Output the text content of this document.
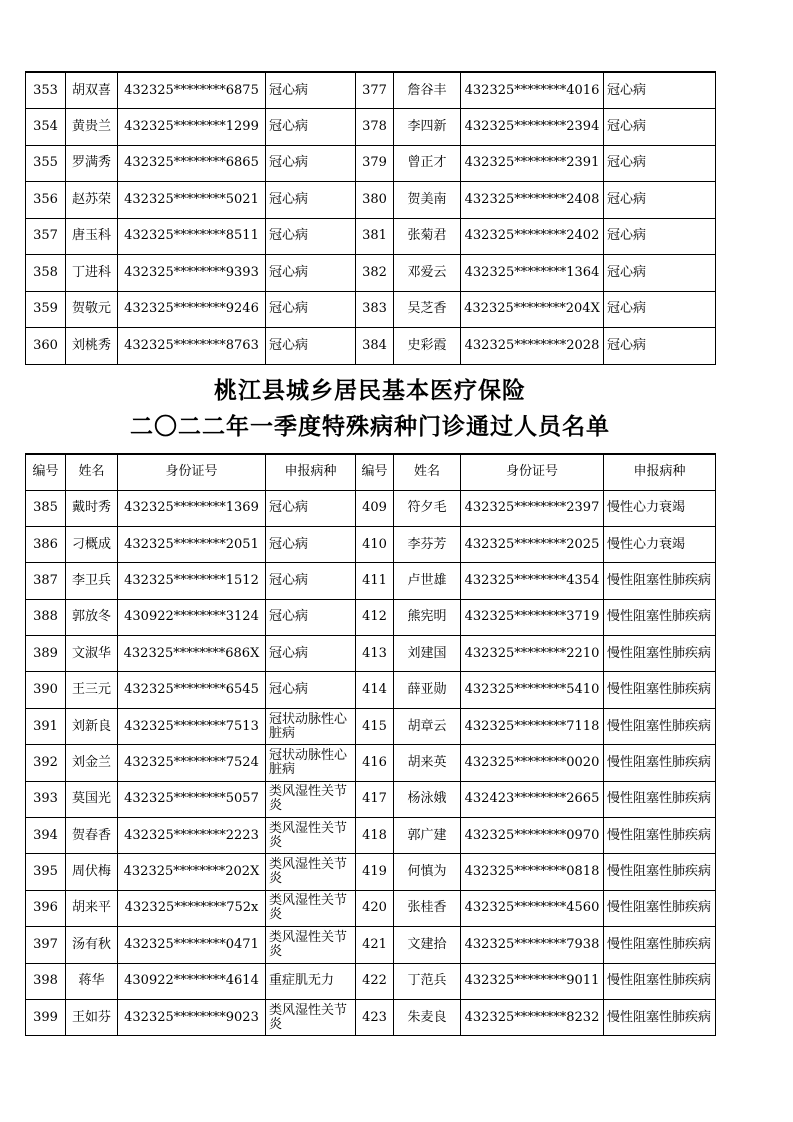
353	胡双喜	432325********6875	冠心病	377	詹谷丰	432325********4016	冠心病
354	黄贵兰	432325********1299	冠心病	378	李四新	432325********2394	冠心病
355	罗满秀	432325********6865	冠心病	379	曾正才	432325********2391	冠心病
356	赵苏荣	432325********5021	冠心病	380	贺美南	432325********2408	冠心病
357	唐玉科	432325********8511	冠心病	381	张菊君	432325********2402	冠心病
358	丁进科	432325********9393	冠心病	382	邓爱云	432325********1364	冠心病
359	贺敬元	432325********9246	冠心病	383	吴芝香	432325********204X	冠心病
360	刘桃秀	432325********8763	冠心病	384	史彩霞	432325********2028	冠心病
桃江县城乡居民基本医疗保险
二〇二二年一季度特殊病种门诊通过人员名单
编号	姓名	身份证号	申报病种	编号	姓名	身份证号	申报病种
385	戴时秀	432325********1369	冠心病	409	符夕毛	432325********2397	慢性心力衰竭
386	刁概成	432325********2051	冠心病	410	李芬芳	432325********2025	慢性心力衰竭
387	李卫兵	432325********1512	冠心病	411	卢世雄	432325********4354	慢性阻塞性肺疾病
388	郭放冬	430922********3124	冠心病	412	熊宪明	432325********3719	慢性阻塞性肺疾病
389	文淑华	432325********686X	冠心病	413	刘建国	432325********2210	慢性阻塞性肺疾病
390	王三元	432325********6545	冠心病	414	薛亚勋	432325********5410	慢性阻塞性肺疾病
391	刘新良	432325********7513	冠状动脉性心脏病	415	胡章云	432325********7118	慢性阻塞性肺疾病
392	刘金兰	432325********7524	冠状动脉性心脏病	416	胡来英	432325********0020	慢性阻塞性肺疾病
393	莫国光	432325********5057	类风湿性关节炎	417	杨泳娥	432423********2665	慢性阻塞性肺疾病
394	贺春香	432325********2223	类风湿性关节炎	418	郭广建	432325********0970	慢性阻塞性肺疾病
395	周伏梅	432325********202X	类风湿性关节炎	419	何慎为	432325********0818	慢性阻塞性肺疾病
396	胡来平	432325********752x	类风湿性关节炎	420	张桂香	432325********4560	慢性阻塞性肺疾病
397	汤有秋	432325********0471	类风湿性关节炎	421	文建拾	432325********7938	慢性阻塞性肺疾病
398	蒋华	430922********4614	重症肌无力	422	丁范兵	432325********9011	慢性阻塞性肺疾病
399	王如芬	432325********9023	类风湿性关节炎	423	朱麦良	432325********8232	慢性阻塞性肺疾病
